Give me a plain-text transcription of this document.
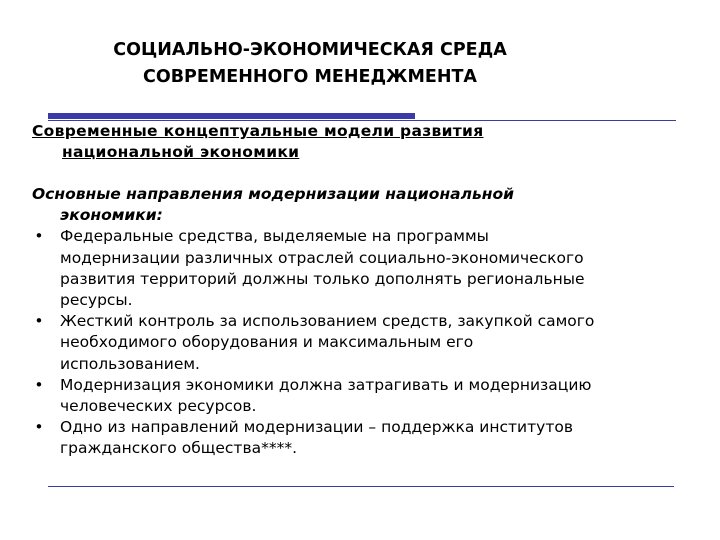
СОЦИАЛЬНО-ЭКОНОМИЧЕСКАЯ СРЕДА
СОВРЕМЕННОГО МЕНЕДЖМЕНТА
Современные концептуальные модели развития
национальной экономики
Основные направления модернизации национальной
экономики:
• Федеральные средства, выделяемые на программы
модернизации различных отраслей социально-экономического
развития территорий должны только дополнять региональные
ресурсы.
• Жесткий контроль за использованием средств, закупкой самого
необходимого оборудования и максимальным его
использованием.
• Модернизация экономики должна затрагивать и модернизацию
человеческих ресурсов.
• Одно из направлений модернизации – поддержка институтов
гражданского общества****.
